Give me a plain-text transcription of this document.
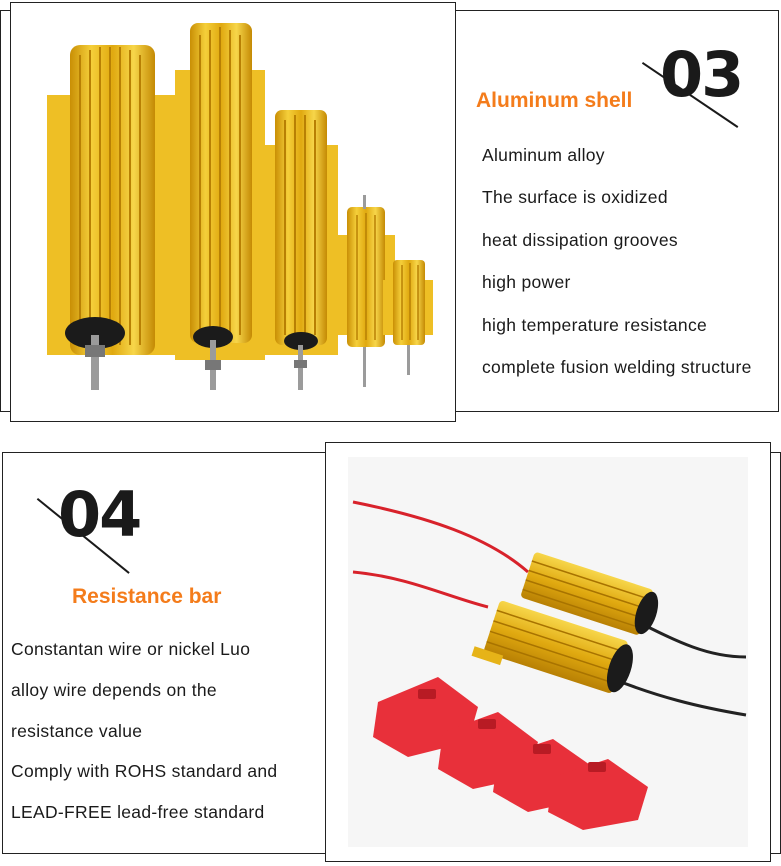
03
Aluminum shell
Aluminum alloy
The surface is oxidized
heat dissipation grooves
high power
high temperature resistance
complete fusion welding structure
04
Resistance bar
Constantan wire or nickel Luo
alloy wire depends on the
resistance value
Comply with ROHS standard and
LEAD-FREE lead-free standard
